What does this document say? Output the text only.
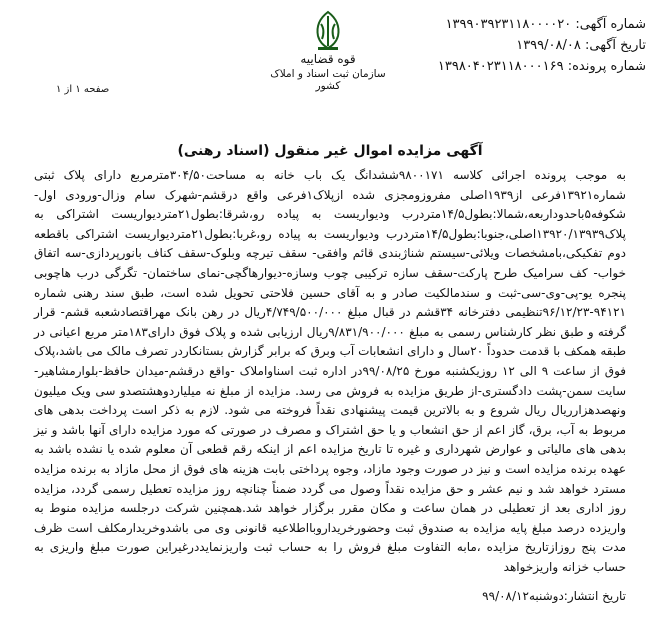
شماره آگهی: ۱۳۹۹۰۳۹۲۳۱۱۸۰۰۰۰۲۰
تاریخ آگهی: ۱۳۹۹/۰۸/۰۸
شماره پرونده: ۱۳۹۸۰۴۰۲۳۱۱۸۰۰۰۱۶۹
قوه قضاییه
سازمان ثبت اسناد و املاک کشور
صفحه ۱ از ۱
آگهی مزایده اموال غیر منقول (اسناد رهنی)
به موجب پرونده اجرائی کلاسه ۹۸۰۰۱۷۱ششدانگ یک باب خانه به مساحت۳۰۴/۵۰مترمربع دارای پلاک ثبتی شماره۱۳۹۲۱فرعی از۱۹۳۹اصلی مفروزومجزی شده ازپلاک۱فرعی واقع درقشم-شهرک سام وزال-ورودی اول-شکوفه۵باحدوداربعه،شمالا:بطول۱۴/۵متردرب ودیواریست به پیاده رو،شرقا:بطول۲۱متردیواریست اشتراکی به پلاک۱۳۹۲۰/۱۳۹۳۹اصلی،جنوبا:بطول۱۴/۵متردرب ودیواریست به پیاده رو،غربا:بطول۲۱متردیواریست اشتراکی باقطعه دوم تفکیکی،بامشخصات ویلائی-سیستم شناژبندی قائم وافقی- سقف تیرچه وبلوک-سقف کناف بانورپردازی-سه اتفاق خواب- کف سرامیک طرح پارکت-سقف سازه ترکیبی چوب وسازه-دیوارهاگچی-نمای ساختمان- تگرگی درب هاچوبی پنجره یو-پی-وی-سی-ثبت و سندمالکیت صادر و به آقای حسین فلاحتی تحویل شده است، طبق سند رهنی شماره ۹۴۱۲۱-۹۶/۱۲/۲۳تنظیمی دفترخانه ۳۴قشم در قبال مبلغ ۴/۷۴۹/۵۰۰/۰۰۰ریال در رهن بانک مهراقتصادشعبه قشم- قرار گرفته و طبق نظر کارشناس رسمی به مبلغ ۹/۸۳۱/۹۰۰/۰۰۰ریال ارزیابی شده و پلاک فوق دارای۱۸۳متر مربع اعیانی در طبقه همکف با قدمت حدوداً ۲۰سال و دارای انشعابات آب وبرق که برابر گزارش بستانکاردر تصرف مالک می باشد،پلاک فوق از ساعت ۹ الی ۱۲ روزیکشنبه مورخ ۹۹/۰۸/۲۵در اداره ثبت اسناواملاک -واقع درقشم-میدان حافظ-بلوارمشاهیر-سایت سمن-پشت دادگستری-از طریق مزایده به فروش می رسد. مزایده از مبلغ نه میلیاردوهشتصدو سی ویک میلیون ونهصدهزارریال ریال شروع و به بالاترین قیمت پیشنهادی نقداً فروخته می شود. لازم به ذکر است پرداخت بدهی های مربوط به آب، برق، گاز اعم از حق انشعاب و یا حق اشتراک و مصرف در صورتی که مورد مزایده دارای آنها باشد و نیز بدهی های مالیاتی و عوارض شهرداری و غیره تا تاریخ مزایده اعم از اینکه رقم قطعی آن معلوم شده یا نشده باشد به عهده برنده مزایده است و نیز در صورت وجود مازاد، وجوه پرداختی بابت هزینه های فوق از محل مازاد به برنده مزایده مسترد خواهد شد و نیم عشر و حق مزایده نقداً وصول می گردد ضمناً چنانچه روز مزایده تعطیل رسمی گردد، مزایده روز اداری بعد از تعطیلی در همان ساعت و مکان مقرر برگزار خواهد شد.همچنین شرکت درجلسه مزایده منوط به واریزده درصد مبلغ پایه مزایده به صندوق ثبت وحضورخریداروبااطلاعیه قانونی وی می باشدوخریدارمکلف است ظرف مدت پنج روزازتاریخ مزایده ،مابه التفاوت مبلغ فروش را به حساب ثبت واریزنمایددرغیراین صورت مبلغ واریزی به حساب خزانه واریزخواهد
تاریخ انتشار:دوشنبه۹۹/۰۸/۱۲
